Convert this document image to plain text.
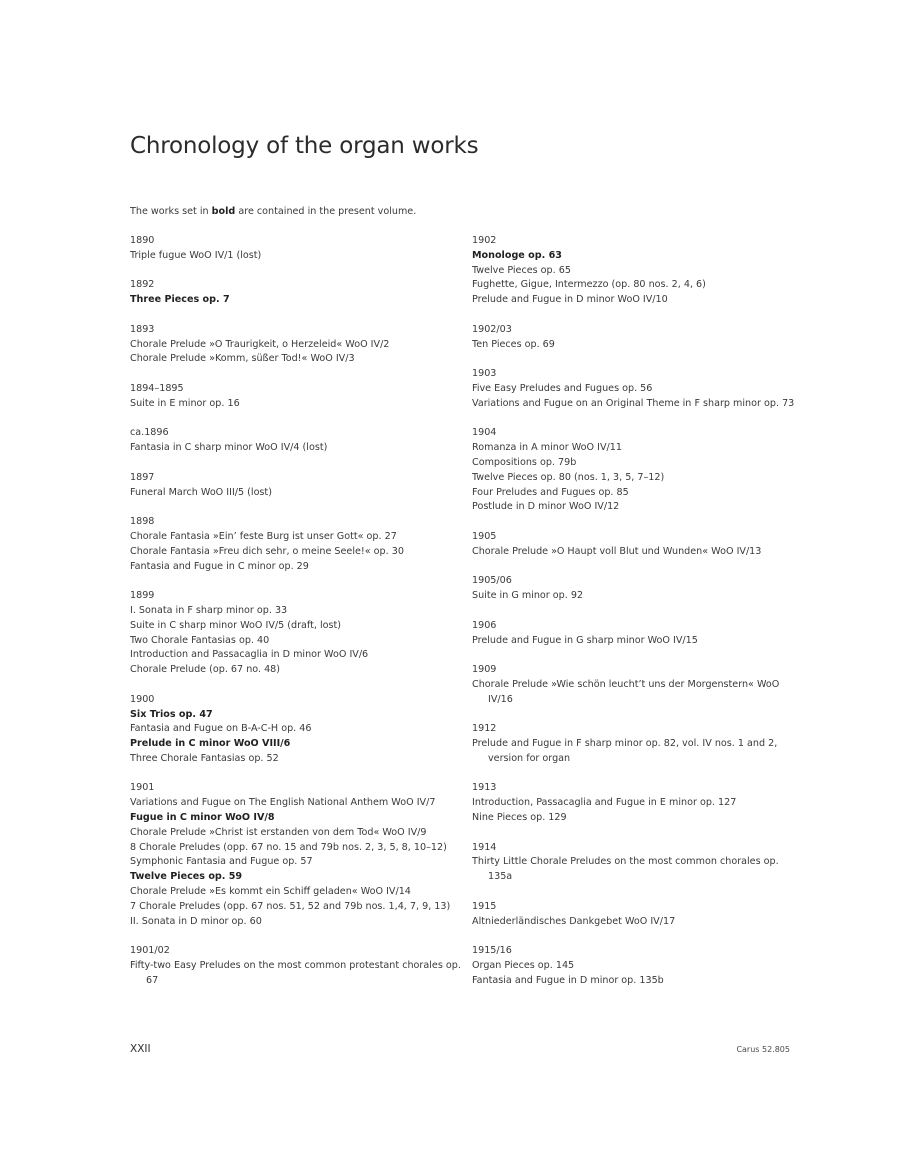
Chronology of the organ works
The works set in bold are contained in the present volume.
1890
Triple fugue WoO IV/1 (lost)
1892
Three Pieces op. 7
1893
Chorale Prelude »O Traurigkeit, o Herzeleid« WoO IV/2
Chorale Prelude »Komm, süßer Tod!« WoO IV/3
1894–1895
Suite in E minor op. 16
ca.1896
Fantasia in C sharp minor WoO IV/4 (lost)
1897
Funeral March WoO III/5 (lost)
1898
Chorale Fantasia »Ein’ feste Burg ist unser Gott« op. 27
Chorale Fantasia »Freu dich sehr, o meine Seele!« op. 30
Fantasia and Fugue in C minor op. 29
1899
I. Sonata in F sharp minor op. 33
Suite in C sharp minor WoO IV/5 (draft, lost)
Two Chorale Fantasias op. 40
Introduction and Passacaglia in D minor WoO IV/6
Chorale Prelude (op. 67 no. 48)
1900
Six Trios op. 47
Fantasia and Fugue on B-A-C-H op. 46
Prelude in C minor WoO VIII/6
Three Chorale Fantasias op. 52
1901
Variations and Fugue on The English National Anthem WoO IV/7
Fugue in C minor WoO IV/8
Chorale Prelude »Christ ist erstanden von dem Tod« WoO IV/9
8 Chorale Preludes (opp. 67 no. 15 and 79b nos. 2, 3, 5, 8, 10–12)
Symphonic Fantasia and Fugue op. 57
Twelve Pieces op. 59
Chorale Prelude »Es kommt ein Schiff geladen« WoO IV/14
7 Chorale Preludes (opp. 67 nos. 51, 52 and 79b nos. 1,4, 7, 9, 13)
II. Sonata in D minor op. 60
1901/02
Fifty-two Easy Preludes on the most common protestant chorales op. 67
1902
Monologe op. 63
Twelve Pieces op. 65
Fughette, Gigue, Intermezzo (op. 80 nos. 2, 4, 6)
Prelude and Fugue in D minor WoO IV/10
1902/03
Ten Pieces op. 69
1903
Five Easy Preludes and Fugues op. 56
Variations and Fugue on an Original Theme in F sharp minor op. 73
1904
Romanza in A minor WoO IV/11
Compositions op. 79b
Twelve Pieces op. 80 (nos. 1, 3, 5, 7–12)
Four Preludes and Fugues op. 85
Postlude in D minor WoO IV/12
1905
Chorale Prelude »O Haupt voll Blut und Wunden« WoO IV/13
1905/06
Suite in G minor op. 92
1906
Prelude and Fugue in G sharp minor WoO IV/15
1909
Chorale Prelude »Wie schön leucht’t uns der Morgenstern« WoO IV/16
1912
Prelude and Fugue in F sharp minor op. 82, vol. IV nos. 1 and 2, version for organ
1913
Introduction, Passacaglia and Fugue in E minor op. 127
Nine Pieces op. 129
1914
Thirty Little Chorale Preludes on the most common chorales op. 135a
1915
Altniederländisches Dankgebet WoO IV/17
1915/16
Organ Pieces op. 145
Fantasia and Fugue in D minor op. 135b
XXII	Carus 52.805
